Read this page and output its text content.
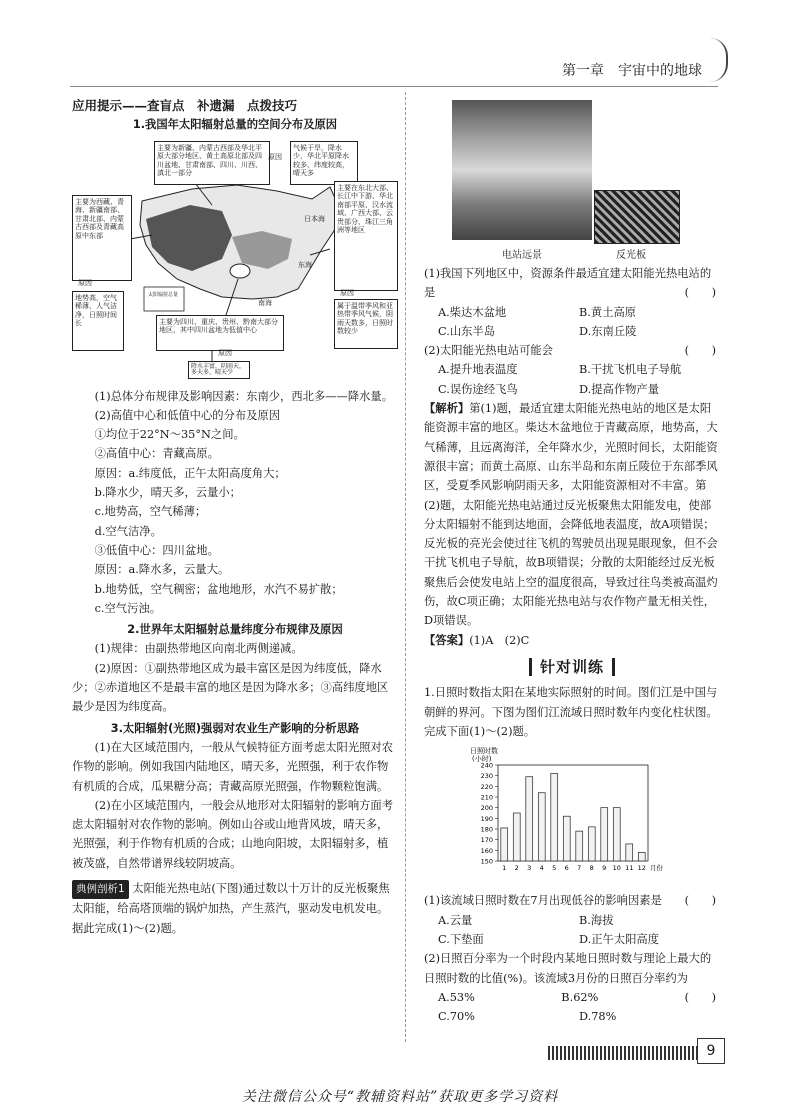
第一章　宇宙中的地球

应用提示——查盲点　补遗漏　点拨技巧

1.我国年太阳辐射总量的空间分布及原因

主要为新疆、内蒙古西部及华北平原大部分地区、黄土高原北部及四川盆地、甘肃南部、四川、川西、滇北一部分
原因
气候干旱，降水少，华北平原降水较多，纬度较高，晴天多
主要为西藏、青海、新疆南部、甘肃北部、内蒙古西部及青藏高原中东部
主要在东北大部、长江中下游、华北南部平原、汉水流域、广西大部、云贵部分、珠江三角洲等地区
原因
原因
地势高，空气稀薄，人气洁净，日照时间长
属于温带季风和亚热带季风气候，阴雨天数多，日照时数较少
主要为四川、重庆、贵州、黔南大部分地区，其中四川盆地为低值中心
原因
降水丰富，阴雨天，多天多，晴天少
日本海
东海
南海
太阳辐射总量

(1)总体分布规律及影响因素：东南少，西北多——降水量。

(2)高值中心和低值中心的分布及原因

①均位于22°N～35°N之间。

②高值中心：青藏高原。

原因：a.纬度低，正午太阳高度角大；

b.降水少，晴天多，云量小；

c.地势高，空气稀薄；

d.空气洁净。

③低值中心：四川盆地。

原因：a.降水多，云量大。

b.地势低，空气稠密；盆地地形，水汽不易扩散；

c.空气污浊。

2.世界年太阳辐射总量纬度分布规律及原因

(1)规律：由副热带地区向南北两侧递减。

(2)原因：①副热带地区成为最丰富区是因为纬度低，降水少；②赤道地区不是最丰富的地区是因为降水多；③高纬度地区最少是因为纬度高。

3.太阳辐射(光照)强弱对农业生产影响的分析思路

(1)在大区域范围内，一般从气候特征方面考虑太阳光照对农作物的影响。例如我国内陆地区，晴天多，光照强，利于农作物有机质的合成，瓜果糖分高；青藏高原光照强，作物颗粒饱满。

(2)在小区域范围内，一般会从地形对太阳辐射的影响方面考虑太阳辐射对农作物的影响。例如山谷或山地背风坡，晴天多，光照强，利于作物有机质的合成；山地向阳坡，太阳辐射多，植被茂盛，自然带谱界线较阴坡高。

典例剖析1 太阳能光热电站(下图)通过数以十万计的反光板聚焦太阳能，给高塔顶端的锅炉加热，产生蒸汽，驱动发电机发电。据此完成(1)～(2)题。

电站远景	反光板

(1)我国下列地区中，资源条件最适宜建太阳能光热电站的是	(　　)

A.柴达木盆地	B.黄土高原
C.山东半岛	D.东南丘陵

(2)太阳能光热电站可能会	(　　)

A.提升地表温度	B.干扰飞机电子导航
C.误伤途经飞鸟	D.提高作物产量

【解析】第(1)题，最适宜建太阳能光热电站的地区是太阳能资源丰富的地区。柴达木盆地位于青藏高原，地势高，大气稀薄，且远离海洋，全年降水少，光照时间长，太阳能资源很丰富；而黄土高原、山东半岛和东南丘陵位于东部季风区，受夏季风影响阴雨天多，太阳能资源相对不丰富。第(2)题，太阳能光热电站通过反光板聚焦太阳能发电，使部分太阳辐射不能到达地面，会降低地表温度，故A项错误；反光板的亮光会使过往飞机的驾驶员出现晃眼现象，但不会干扰飞机电子导航，故B项错误；分散的太阳能经过反光板聚焦后会使发电站上空的温度很高，导致过往鸟类被高温灼伤，故C项正确；太阳能光热电站与农作物产量无相关性，D项错误。

【答案】(1)A　(2)C

针对训练

1.日照时数指太阳在某地实际照射的时间。图们江是中国与朝鲜的界河。下图为图们江流域日照时数年内变化柱状图。完成下面(1)～(2)题。

日照时数
(小时)
150
160
170
180
190
200
210
220
230
240
1 2 3 4 5 6 7 8 9 10 11 12 月份

(1)该流域日照时数在7月出现低谷的影响因素是 (　　)

A.云量	B.海拔
C.下垫面	D.正午太阳高度

(2)日照百分率为一个时段内某地日照时数与理论上最大的日照时数的比值(%)。该流域3月份的日照百分率约为
(　　)

A.53%	B.62%
C.70%	D.78%
9
关注微信公众号“教辅资料站”获取更多学习资料
